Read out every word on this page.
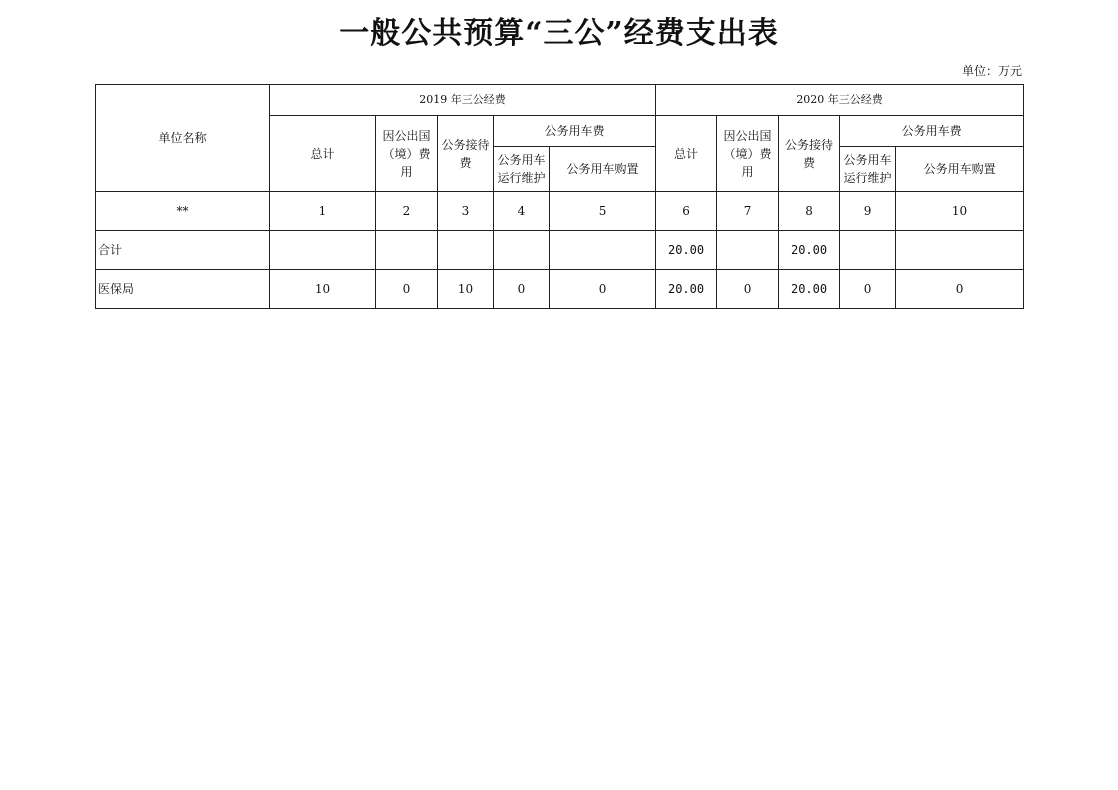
一般公共预算“三公”经费支出表
单位：万元
单位名称	2019 年三公经费					2020 年三公经费				
	总计	因公出国（境）费用	公务接待费	公务用车费		总计	因公出国（境）费用	公务接待费	公务用车费	
				公务用车运行维护	公务用车购置				公务用车运行维护	公务用车购置
**	1	2	3	4	5	6	7	8	9	10
合计						20.00		20.00		
医保局	10	0	10	0	0	20.00	0	20.00	0	0
